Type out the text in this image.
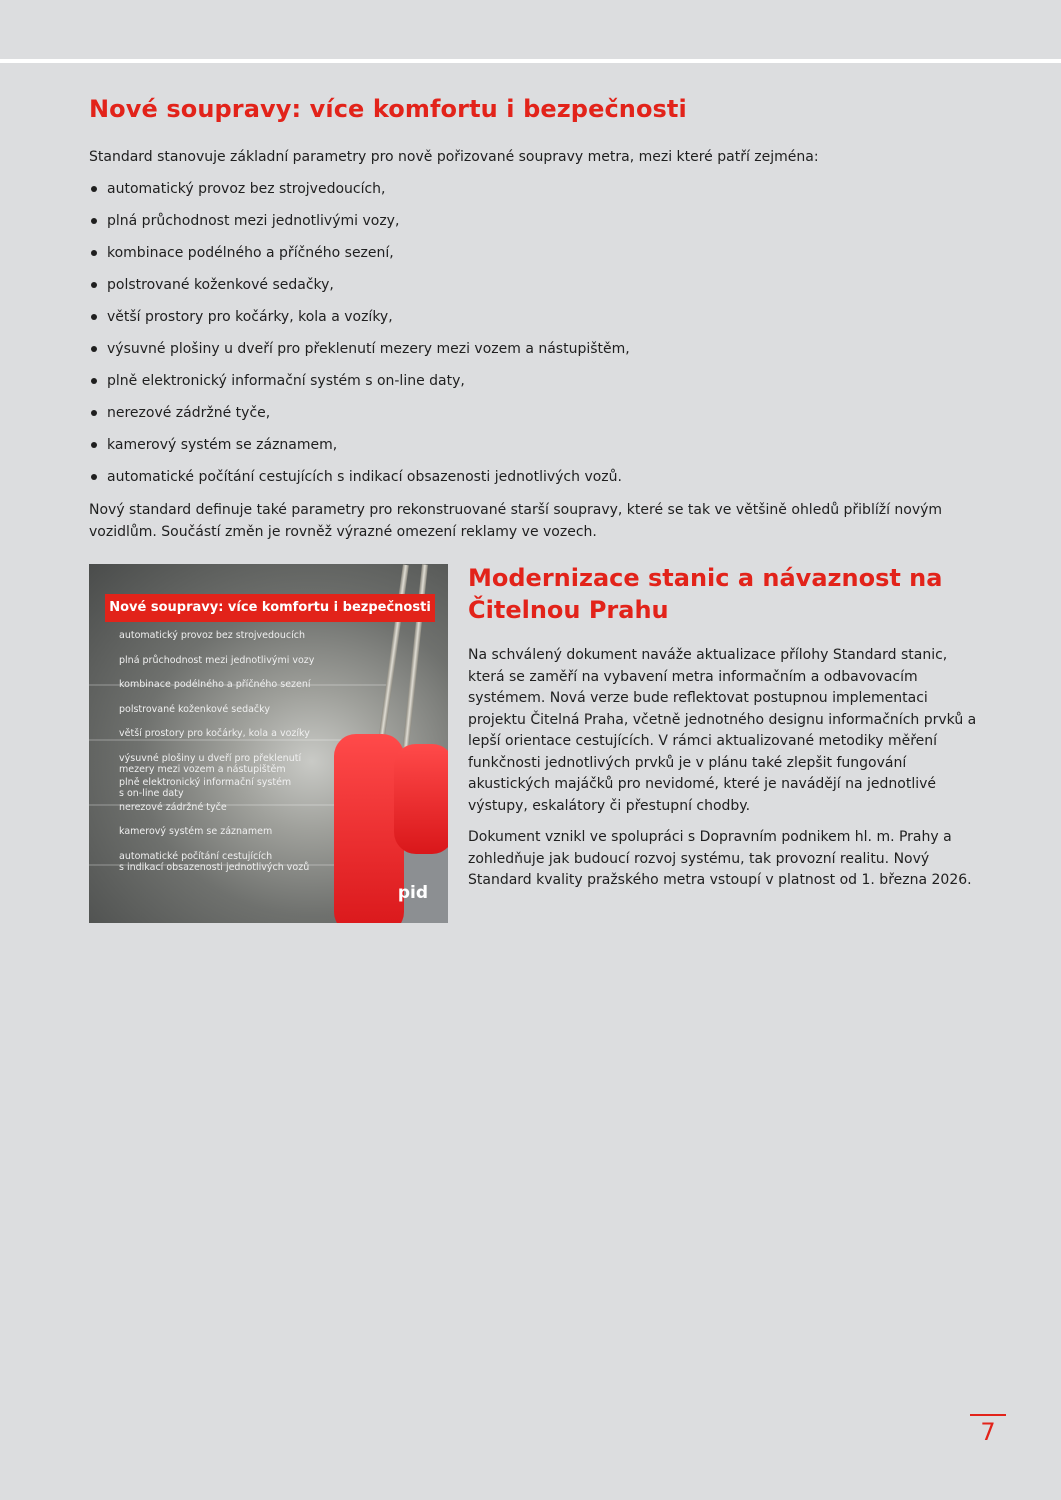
Nové soupravy: více komfortu i bezpečnosti

Standard stanovuje základní parametry pro nově pořizované soupravy metra, mezi které patří zejména:

automatický provoz bez strojvedoucích,
plná průchodnost mezi jednotlivými vozy,
kombinace podélného a příčného sezení,
polstrované koženkové sedačky,
větší prostory pro kočárky, kola a vozíky,
výsuvné plošiny u dveří pro překlenutí mezery mezi vozem a nástupištěm,
plně elektronický informační systém s on-line daty,
nerezové zádržné tyče,
kamerový systém se záznamem,
automatické počítání cestujících s indikací obsazenosti jednotlivých vozů.

Nový standard definuje také parametry pro rekonstruované starší soupravy, které se tak ve většině ohledů přiblíží novým vozidlům. Součástí změn je rovněž výrazné omezení reklamy ve vozech.

Nové soupravy: více komfortu i bezpečnosti
automatický provoz bez strojvedoucích
plná průchodnost mezi jednotlivými vozy
kombinace podélného a příčného sezení
polstrované koženkové sedačky
větší prostory pro kočárky, kola a vozíky
výsuvné plošiny u dveří pro překlenutí
mezery mezi vozem a nástupištěm
plně elektronický informační systém
s on-line daty
nerezové zádržné tyče
kamerový systém se záznamem
automatické počítání cestujících
s indikací obsazenosti jednotlivých vozů
pid
Modernizace stanic a návaznost na Čitelnou Prahu

Na schválený dokument naváže aktualizace přílohy Standard stanic, která se zaměří na vybavení metra informačním a odbavovacím systémem. Nová verze bude reflektovat postupnou implementaci projektu Čitelná Praha, včetně jednotného designu informačních prvků a lepší orientace cestujících. V rámci aktualizované metodiky měření funkčnosti jednotlivých prvků je v plánu také zlepšit fungování akustických majáčků pro nevidomé, které je navádějí na jednotlivé výstupy, eskalátory či přestupní chodby.

Dokument vznikl ve spolupráci s Dopravním podnikem hl. m. Prahy a zohledňuje jak budoucí rozvoj systému, tak provozní realitu. Nový Standard kvality pražského metra vstoupí v platnost od 1. března 2026.

7
